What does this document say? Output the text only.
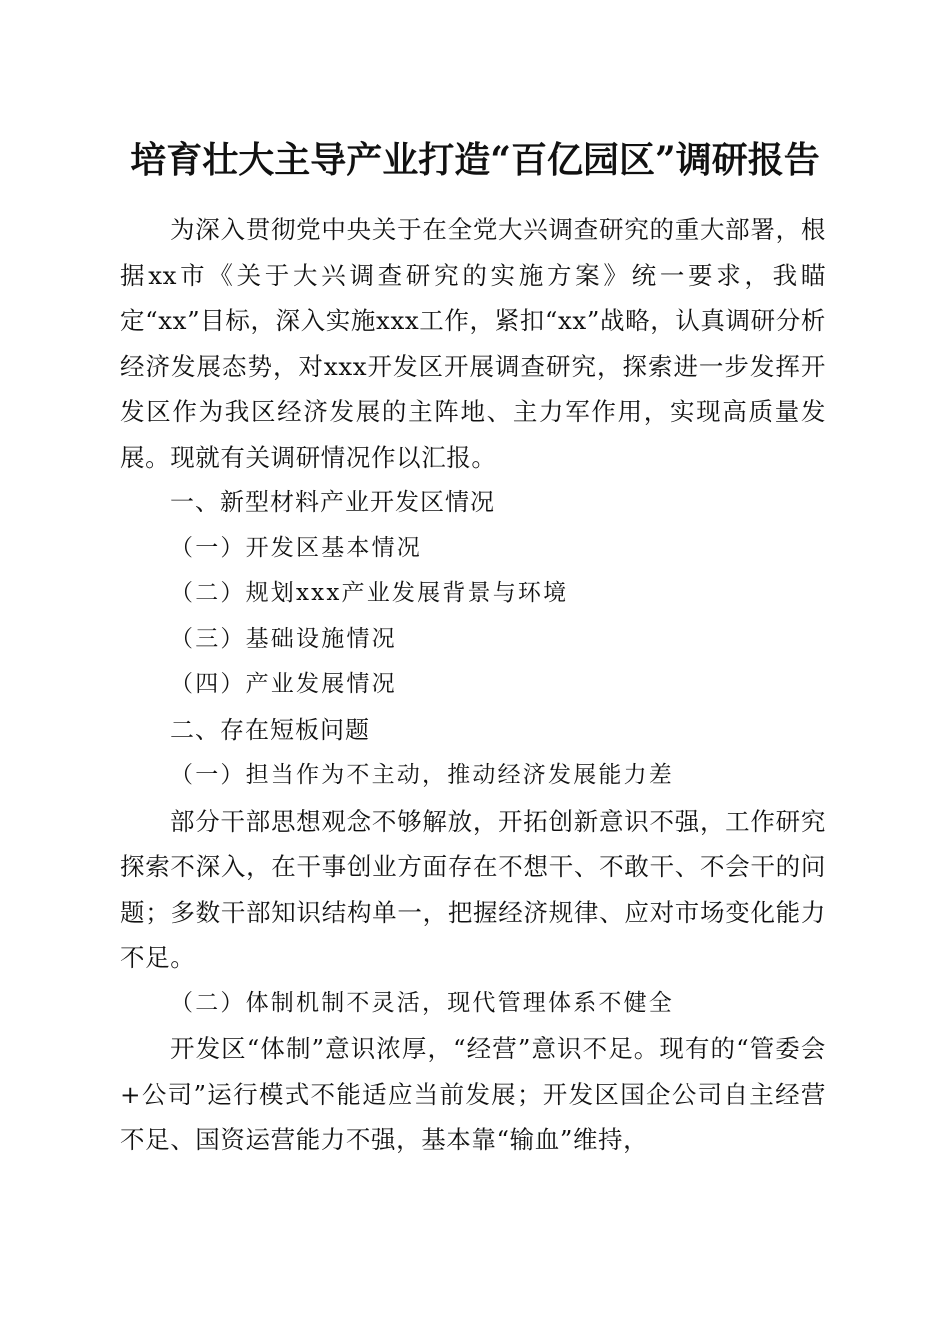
培育壮大主导产业打造“百亿园区”调研报告

为深入贯彻党中央关于在全党大兴调查研究的重大部署，根据xx市《关于大兴调查研究的实施方案》统一要求，我瞄定“xx”目标，深入实施xxx工作，紧扣“xx”战略，认真调研分析经济发展态势，对xxx开发区开展调查研究，探索进一步发挥开发区作为我区经济发展的主阵地、主力军作用，实现高质量发展。现就有关调研情况作以汇报。

一、新型材料产业开发区情况

（一）开发区基本情况

（二）规划xxx产业发展背景与环境

（三）基础设施情况

（四）产业发展情况

二、存在短板问题

（一）担当作为不主动，推动经济发展能力差

部分干部思想观念不够解放，开拓创新意识不强，工作研究探索不深入，在干事创业方面存在不想干、不敢干、不会干的问题；多数干部知识结构单一，把握经济规律、应对市场变化能力不足。

（二）体制机制不灵活，现代管理体系不健全

开发区“体制”意识浓厚，“经营”意识不足。现有的“管委会+公司”运行模式不能适应当前发展；开发区国企公司自主经营不足、国资运营能力不强，基本靠“输血”维持，
